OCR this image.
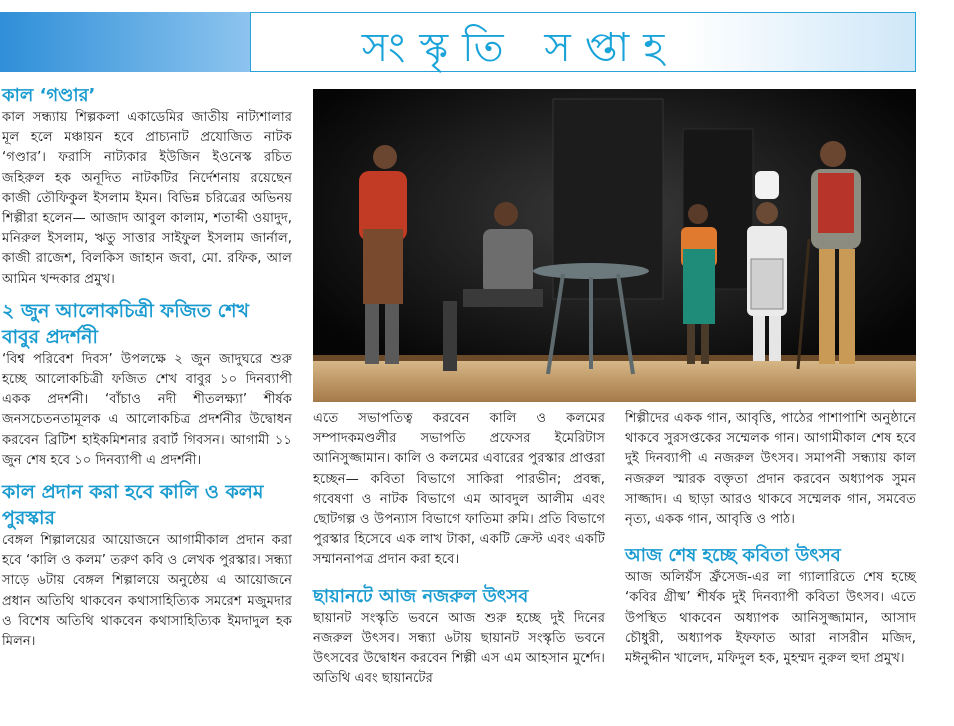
সংস্কৃতি সপ্তাহ
কাল ‘গণ্ডার’
কাল সন্ধ্যায় শিল্পকলা একাডেমির জাতীয় নাট্যশালার মূল হলে মঞ্চায়ন হবে প্রাচ্যনাট প্রযোজিত নাটক ‘গণ্ডার’। ফরাসি নাট্যকার ইউজিন ইওনেস্ক রচিত জহিরুল হক অনূদিত নাটকটির নির্দেশনায় রয়েছেন কাজী তৌফিকুল ইসলাম ইমন। বিভিন্ন চরিত্রের অভিনয় শিল্পীরা হলেন— আজাদ আবুল কালাম, শতাব্দী ওয়াদুদ, মনিরুল ইসলাম, ঋতু সাত্তার সাইফুল ইসলাম জার্নাল, কাজী রাজেশ, বিলকিস জাহান জবা, মো. রফিক, আল আমিন খন্দকার প্রমুখ।
২ জুন আলোকচিত্রী ফজিত শেখ বাবুর প্রদর্শনী
‘বিশ্ব পরিবেশ দিবস’ উপলক্ষে ২ জুন জাদুঘরে শুরু হচ্ছে আলোকচিত্রী ফজিত শেখ বাবুর ১০ দিনব্যাপী একক প্রদর্শনী। ‘বাঁচাও নদী শীতলক্ষ্যা’ শীর্ষক জনসচেতনতামূলক এ আলোকচিত্র প্রদর্শনীর উদ্বোধন করবেন ব্রিটিশ হাইকমিশনার রবার্ট গিবসন। আগামী ১১ জুন শেষ হবে ১০ দিনব্যাপী এ প্রদর্শনী।
কাল প্রদান করা হবে কালি ও কলম পুরস্কার
বেঙ্গল শিল্পালয়ের আয়োজনে আগামীকাল প্রদান করা হবে ‘কালি ও কলম’ তরুণ কবি ও লেখক পুরস্কার। সন্ধ্যা সাড়ে ৬টায় বেঙ্গল শিল্পালয়ে অনুষ্ঠেয় এ আয়োজনে প্রধান অতিথি থাকবেন কথাসাহিত্যিক সমরেশ মজুমদার ও বিশেষ অতিথি থাকবেন কথাসাহিত্যিক ইমদাদুল হক মিলন।
এতে সভাপতিত্ব করবেন কালি ও কলমের সম্পাদকমণ্ডলীর সভাপতি প্রফেসর ইমেরিটাস আনিসুজ্জামান। কালি ও কলমের এবারের পুরস্কার প্রাপ্তরা হচ্ছেন— কবিতা বিভাগে সাকিরা পারভীন; প্রবন্ধ, গবেষণা ও নাটক বিভাগে এম আবদুল আলীম এবং ছোটগল্প ও উপন্যাস বিভাগে ফাতিমা রুমি। প্রতি বিভাগে পুরস্কার হিসেবে এক লাখ টাকা, একটি ক্রেস্ট এবং একটি সম্মাননাপত্র প্রদান করা হবে।
ছায়ানটে আজ নজরুল উৎসব
ছায়ানট সংস্কৃতি ভবনে আজ শুরু হচ্ছে দুই দিনের নজরুল উৎসব। সন্ধ্যা ৬টায় ছায়ানট সংস্কৃতি ভবনে উৎসবের উদ্বোধন করবেন শিল্পী এস এম আহসান মুর্শেদ। অতিথি এবং ছায়ানটের
শিল্পীদের একক গান, আবৃত্তি, পাঠের পাশাপাশি অনুষ্ঠানে থাকবে সুরসপ্তকের সম্মেলক গান। আগামীকাল শেষ হবে দুই দিনব্যাপী এ নজরুল উৎসব। সমাপনী সন্ধ্যায় কাল নজরুল স্মারক বক্তৃতা প্রদান করবেন অধ্যাপক সুমন সাজ্জাদ। এ ছাড়া আরও থাকবে সম্মেলক গান, সমবেত নৃত্য, একক গান, আবৃত্তি ও পাঠ।
আজ শেষ হচ্ছে কবিতা উৎসব
আজ অলিয়ঁস ফ্রঁসেজ-এর লা গ্যালারিতে শেষ হচ্ছে ‘কবির গ্রীষ্ম’ শীর্ষক দুই দিনব্যাপী কবিতা উৎসব। এতে উপস্থিত থাকবেন অধ্যাপক আনিসুজ্জামান, আসাদ চৌধুরী, অধ্যাপক ইফফাত আরা নাসরীন মজিদ, মঈনুদ্দীন খালেদ, মফিদুল হক, মুহম্মদ নুরুল হুদা প্রমুখ।
